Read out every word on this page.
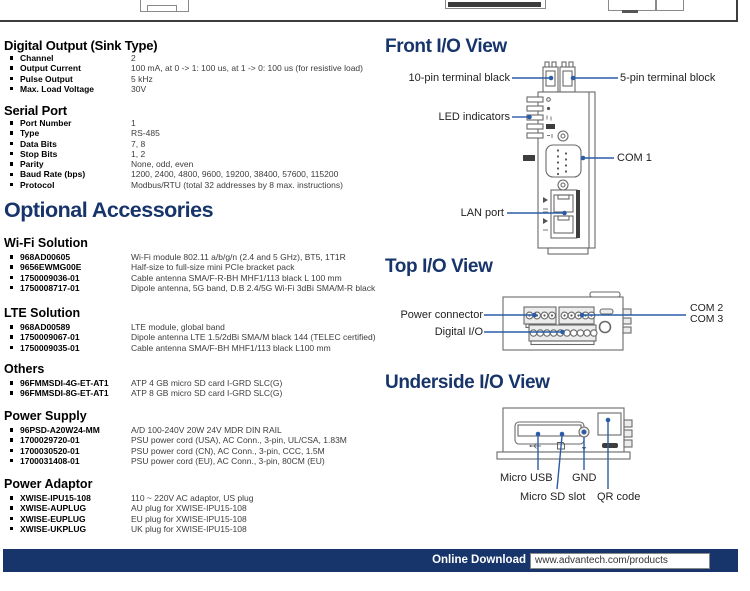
Digital Output (Sink Type)
Channel	2
Output Current	100 mA, at 0 -> 1: 100 us, at 1 -> 0: 100 us (for resistive load)
Pulse Output	5 kHz
Max. Load Voltage	30V
Serial Port
Port Number	1
Type	RS-485
Data Bits	7, 8
Stop Bits	1, 2
Parity	None, odd, even
Baud Rate (bps)	1200, 2400, 4800, 9600, 19200, 38400, 57600, 115200
Protocol	Modbus/RTU (total 32 addresses by 8 max. instructions)
Optional Accessories
Wi-Fi Solution
968AD00605	Wi-Fi module 802.11 a/b/g/n (2.4 and 5 GHz), BT5, 1T1R
9656EWMG00E	Half-size to full-size mini PCIe bracket pack
1750009036-01	Cable antenna SMA/F-R-BH MHF1/113 black L 100 mm
1750008717-01	Dipole antenna, 5G band, D.B 2.4/5G Wi-Fi 3dBi SMA/M-R black
LTE Solution
968AD00589	LTE module, global band
1750009067-01	Dipole antenna LTE 1.5/2dBi SMA/M black 144 (TELEC certified)
1750009035-01	Cable antenna SMA/F-BH MHF1/113 black L100 mm
Others
96FMMSDI-4G-ET-AT1	ATP 4 GB micro SD card I-GRD SLC(G)
96FMMSDI-8G-ET-AT1	ATP 8 GB micro SD card I-GRD SLC(G)
Power Supply
96PSD-A20W24-MM	A/D 100-240V 20W 24V MDR DIN RAIL
1700029720-01	PSU power cord (USA), AC Conn., 3-pin, UL/CSA, 1.83M
1700030520-01	PSU power cord (CN), AC Conn., 3-pin, CCC, 1.5M
1700031408-01	PSU power cord (EU), AC Conn., 3-pin, 80CM (EU)
Power Adaptor
XWISE-IPU15-108	110 ~ 220V AC adaptor, US plug
XWISE-AUPLUG	AU plug for XWISE-IPU15-108
XWISE-EUPLUG	EU plug for XWISE-IPU15-108
XWISE-UKPLUG	UK plug for XWISE-IPU15-108
Front I/O View
10-pin terminal black	5-pin terminal block
LED indicators
COM 1
LAN port
Top I/O View
Power connector
Digital I/O
COM 2
COM 3
Underside I/O View
Micro USB GND
Micro SD slot QR code
Online Download www.advantech.com/products
